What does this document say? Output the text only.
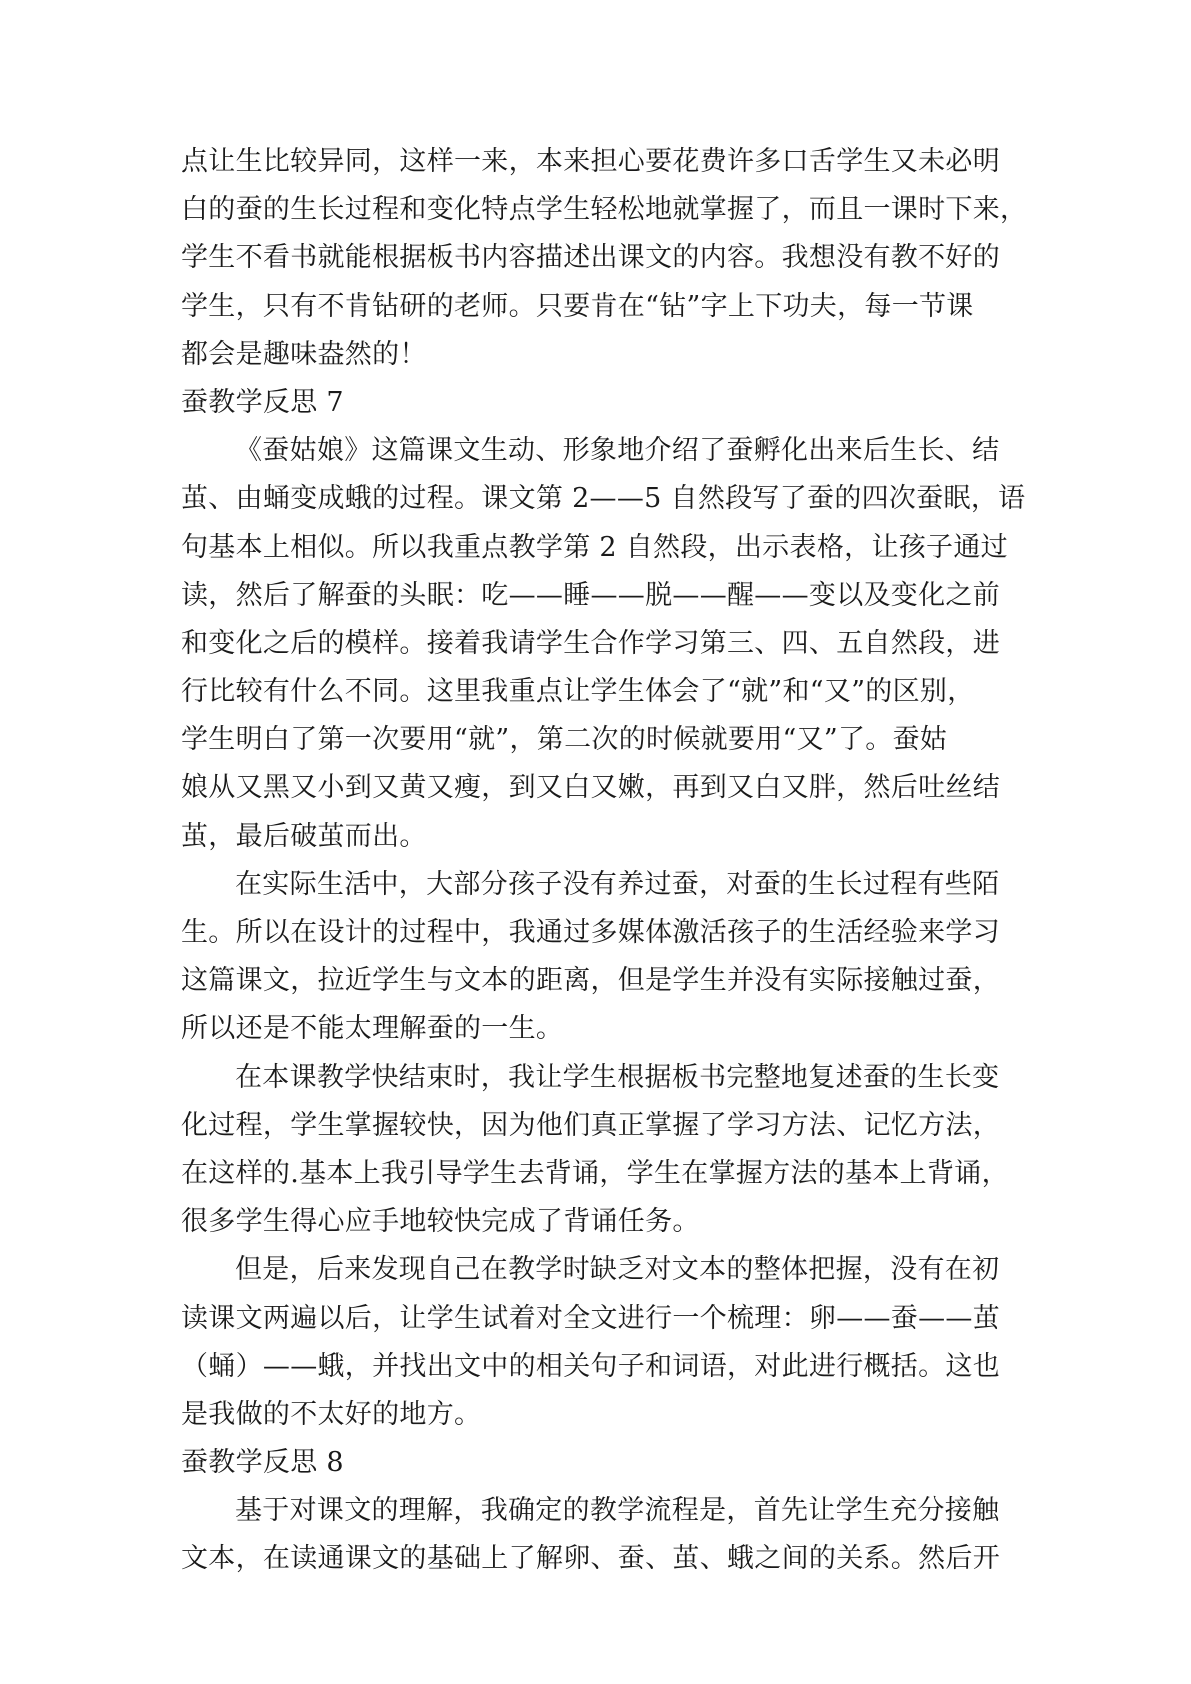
点让生比较异同，这样一来，本来担心要花费许多口舌学生又未必明
白的蚕的生长过程和变化特点学生轻松地就掌握了，而且一课时下来，
学生不看书就能根据板书内容描述出课文的内容。我想没有教不好的
学生，只有不肯钻研的老师。只要肯在“钻”字上下功夫，每一节课
都会是趣味盎然的！
蚕教学反思 7
《蚕姑娘》这篇课文生动、形象地介绍了蚕孵化出来后生长、结
茧、由蛹变成蛾的过程。课文第 2——5 自然段写了蚕的四次蚕眠，语
句基本上相似。所以我重点教学第 2 自然段，出示表格，让孩子通过
读，然后了解蚕的头眠：吃——睡——脱——醒——变以及变化之前
和变化之后的模样。接着我请学生合作学习第三、四、五自然段，进
行比较有什么不同。这里我重点让学生体会了“就”和“又”的区别，
学生明白了第一次要用“就”，第二次的时候就要用“又”了。蚕姑
娘从又黑又小到又黄又瘦，到又白又嫩，再到又白又胖，然后吐丝结
茧，最后破茧而出。
在实际生活中，大部分孩子没有养过蚕，对蚕的生长过程有些陌
生。所以在设计的过程中，我通过多媒体激活孩子的生活经验来学习
这篇课文，拉近学生与文本的距离，但是学生并没有实际接触过蚕，
所以还是不能太理解蚕的一生。
在本课教学快结束时，我让学生根据板书完整地复述蚕的生长变
化过程，学生掌握较快，因为他们真正掌握了学习方法、记忆方法，
在这样的.基本上我引导学生去背诵，学生在掌握方法的基本上背诵，
很多学生得心应手地较快完成了背诵任务。
但是，后来发现自己在教学时缺乏对文本的整体把握，没有在初
读课文两遍以后，让学生试着对全文进行一个梳理：卵——蚕——茧
（蛹）——蛾，并找出文中的相关句子和词语，对此进行概括。这也
是我做的不太好的地方。
蚕教学反思 8
基于对课文的理解，我确定的教学流程是，首先让学生充分接触
文本，在读通课文的基础上了解卵、蚕、茧、蛾之间的关系。然后开
